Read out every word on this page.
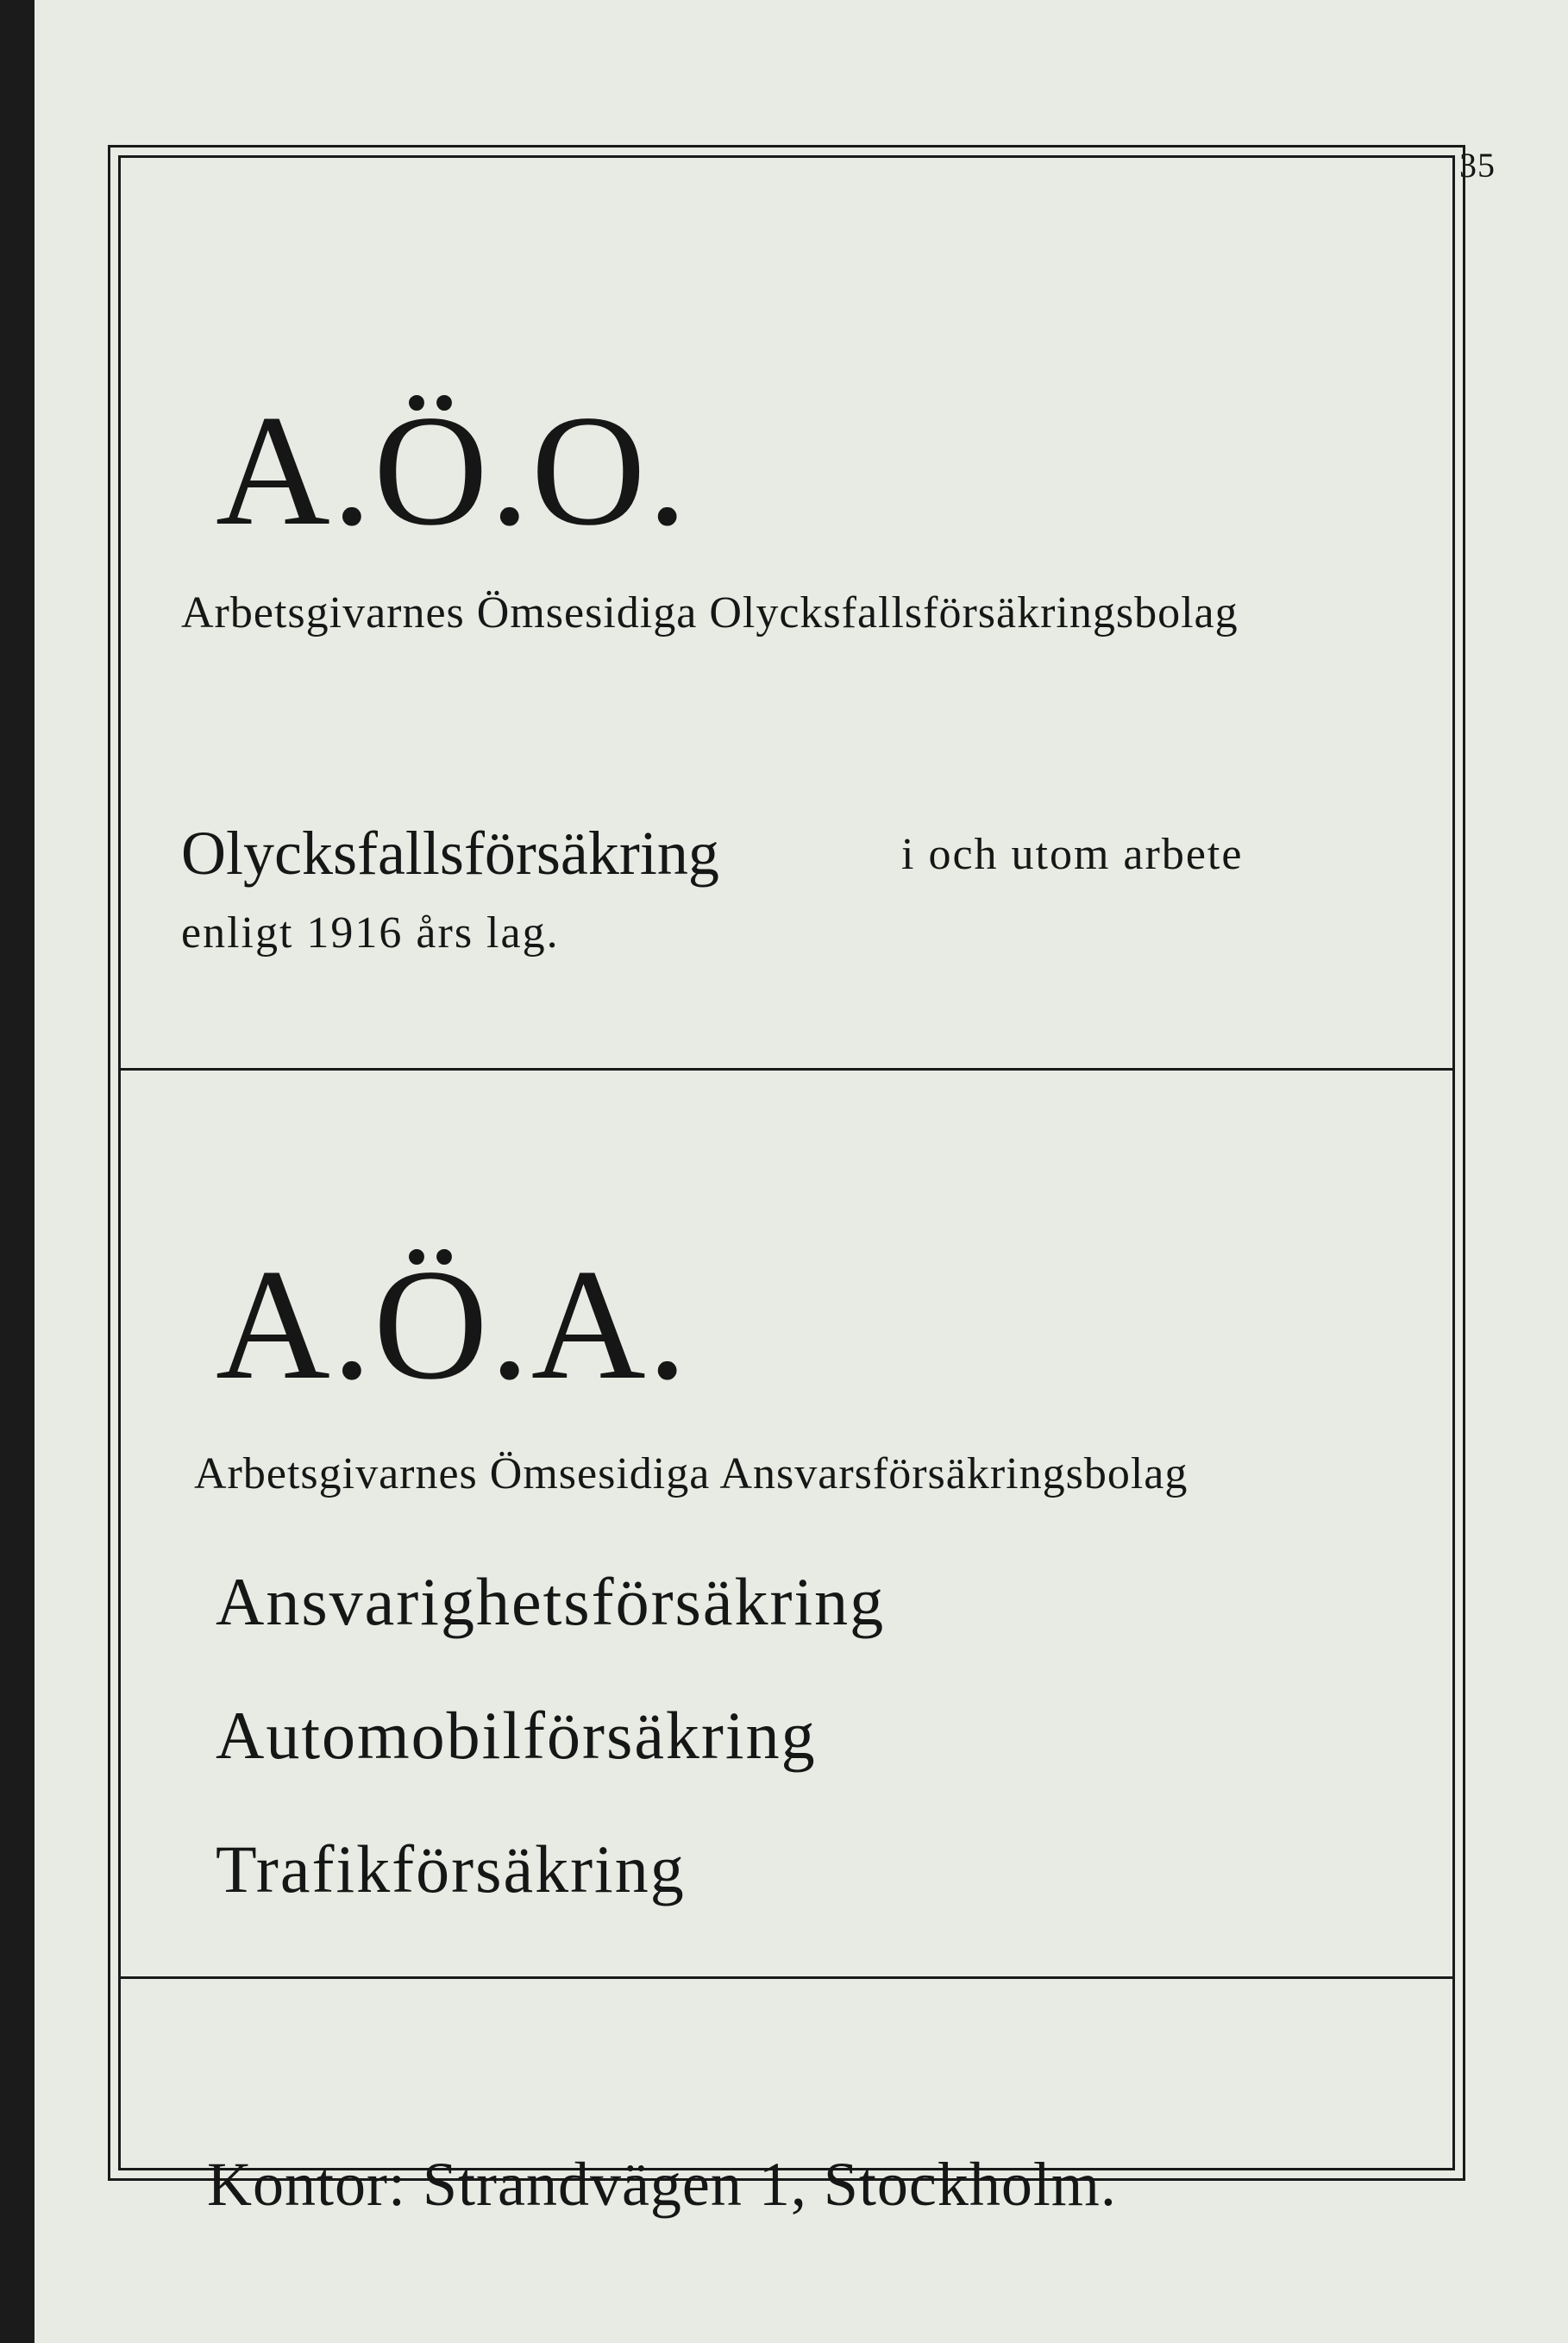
35
A.Ö.O.
Arbetsgivarnes Ömsesidiga Olycksfallsförsäkringsbolag
Olycksfallsförsäkring	i och utom arbete
enligt 1916 års lag.
A.Ö.A.
Arbetsgivarnes Ömsesidiga Ansvarsförsäkringsbolag
Ansvarighetsförsäkring
Automobilförsäkring
Trafikförsäkring
Kontor: Strandvägen 1, Stockholm.
